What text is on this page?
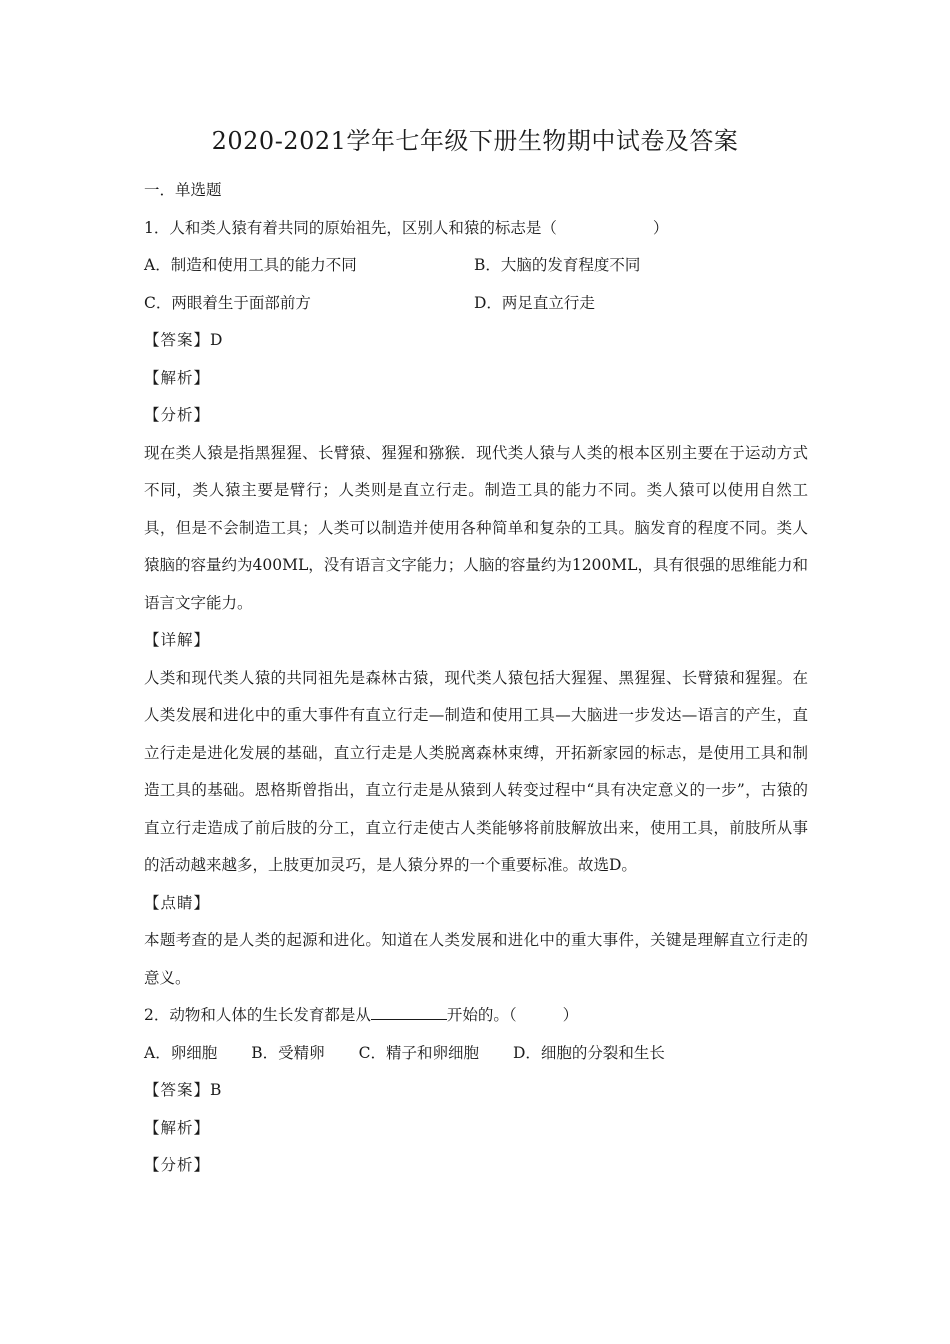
2020-2021学年七年级下册生物期中试卷及答案
一．单选题
1．人和类人猿有着共同的原始祖先，区别人和猿的标志是（	）
A．制造和使用工具的能力不同	B．大脑的发育程度不同
C．两眼着生于面部前方	D．两足直立行走
【答案】D
【解析】
【分析】
现在类人猿是指黑猩猩、长臂猿、猩猩和猕猴．现代类人猿与人类的根本区别主要在于运动方式不同，类人猿主要是臂行；人类则是直立行走。制造工具的能力不同。类人猿可以使用自然工具，但是不会制造工具；人类可以制造并使用各种简单和复杂的工具。脑发育的程度不同。类人猿脑的容量约为400ML，没有语言文字能力；人脑的容量约为1200ML，具有很强的思维能力和语言文字能力。
【详解】
人类和现代类人猿的共同祖先是森林古猿，现代类人猿包括大猩猩、黑猩猩、长臂猿和猩猩。在人类发展和进化中的重大事件有直立行走—制造和使用工具—大脑进一步发达—语言的产生，直立行走是进化发展的基础，直立行走是人类脱离森林束缚，开拓新家园的标志，是使用工具和制造工具的基础。恩格斯曾指出，直立行走是从猿到人转变过程中“具有决定意义的一步”，古猿的直立行走造成了前后肢的分工，直立行走使古人类能够将前肢解放出来，使用工具，前肢所从事的活动越来越多，上肢更加灵巧，是人猿分界的一个重要标准。故选D。
【点睛】
本题考查的是人类的起源和进化。知道在人类发展和进化中的重大事件，关键是理解直立行走的意义。
2．动物和人体的生长发育都是从	开始的。（	）
A．卵细胞 B．受精卵 C．精子和卵细胞 D．细胞的分裂和生长
【答案】B
【解析】
【分析】
